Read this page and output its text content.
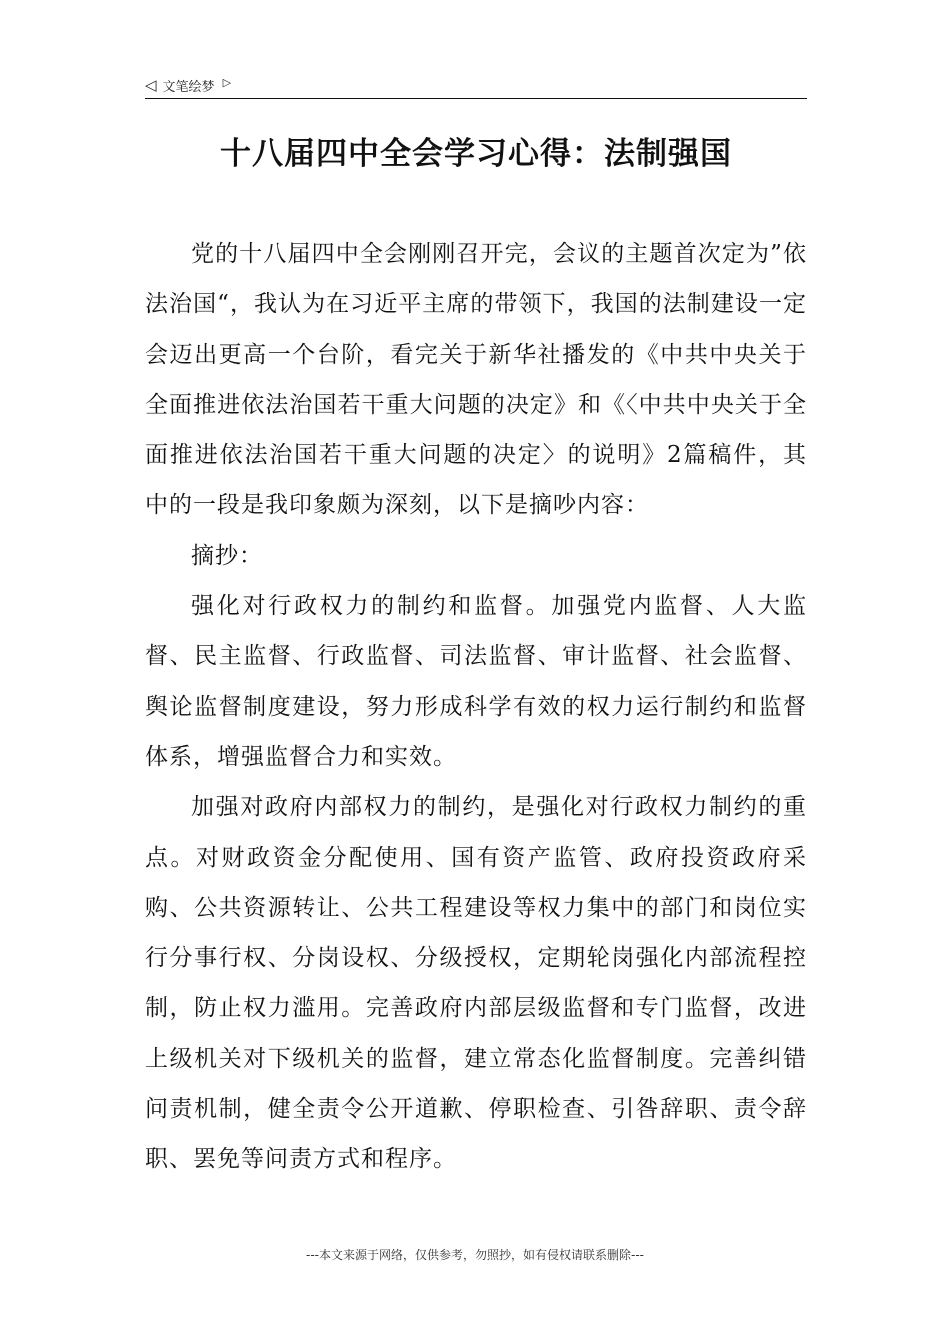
◁ 文笔绘梦 ▷
十八届四中全会学习心得：法制强国

党的十八届四中全会刚刚召开完，会议的主题首次定为”依法治国“，我认为在习近平主席的带领下，我国的法制建设一定会迈出更高一个台阶，看完关于新华社播发的《中共中央关于全面推进依法治国若干重大问题的决定》和《〈中共中央关于全面推进依法治国若干重大问题的决定〉的说明》2篇稿件，其中的一段是我印象颇为深刻，以下是摘吵内容：

摘抄：

强化对行政权力的制约和监督。加强党内监督、人大监督、民主监督、行政监督、司法监督、审计监督、社会监督、舆论监督制度建设，努力形成科学有效的权力运行制约和监督体系，增强监督合力和实效。

加强对政府内部权力的制约，是强化对行政权力制约的重点。对财政资金分配使用、国有资产监管、政府投资政府采购、公共资源转让、公共工程建设等权力集中的部门和岗位实行分事行权、分岗设权、分级授权，定期轮岗强化内部流程控制，防止权力滥用。完善政府内部层级监督和专门监督，改进上级机关对下级机关的监督，建立常态化监督制度。完善纠错问责机制，健全责令公开道歉、停职检查、引咎辞职、责令辞职、罢免等问责方式和程序。

---本文来源于网络，仅供参考，勿照抄，如有侵权请联系删除---
